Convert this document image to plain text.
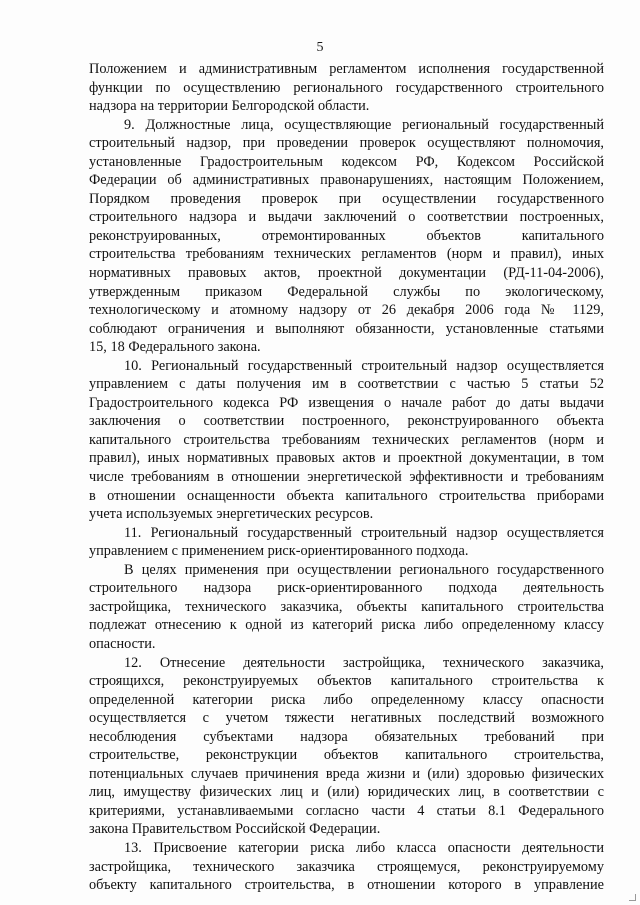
5
Положением и административным регламентом исполнения государственной
функции по осуществлению регионального государственного строительного
надзора на территории Белгородской области.
9. Должностные лица, осуществляющие региональный государственный
строительный надзор, при проведении проверок осуществляют полномочия,
установленные Градостроительным кодексом РФ, Кодексом Российской
Федерации об административных правонарушениях, настоящим Положением,
Порядком проведения проверок при осуществлении государственного
строительного надзора и выдачи заключений о соответствии построенных,
реконструированных, отремонтированных объектов капитального
строительства требованиям технических регламентов (норм и правил), иных
нормативных правовых актов, проектной документации (РД-11-04-2006),
утвержденным приказом Федеральной службы по экологическому,
технологическому и атомному надзору от 26 декабря 2006 года № 1129,
соблюдают ограничения и выполняют обязанности, установленные статьями
15, 18 Федерального закона.
10. Региональный государственный строительный надзор осуществляется
управлением с даты получения им в соответствии с частью 5 статьи 52
Градостроительного кодекса РФ извещения о начале работ до даты выдачи
заключения о соответствии построенного, реконструированного объекта
капитального строительства требованиям технических регламентов (норм и
правил), иных нормативных правовых актов и проектной документации, в том
числе требованиям в отношении энергетической эффективности и требованиям
в отношении оснащенности объекта капитального строительства приборами
учета используемых энергетических ресурсов.
11. Региональный государственный строительный надзор осуществляется
управлением с применением риск-ориентированного подхода.
В целях применения при осуществлении регионального государственного
строительного надзора риск-ориентированного подхода деятельность
застройщика, технического заказчика, объекты капитального строительства
подлежат отнесению к одной из категорий риска либо определенному классу
опасности.
12. Отнесение деятельности застройщика, технического заказчика,
строящихся, реконструируемых объектов капитального строительства к
определенной категории риска либо определенному классу опасности
осуществляется с учетом тяжести негативных последствий возможного
несоблюдения субъектами надзора обязательных требований при
строительстве, реконструкции объектов капитального строительства,
потенциальных случаев причинения вреда жизни и (или) здоровью физических
лиц, имуществу физических лиц и (или) юридических лиц, в соответствии с
критериями, устанавливаемыми согласно части 4 статьи 8.1 Федерального
закона Правительством Российской Федерации.
13. Присвоение категории риска либо класса опасности деятельности
застройщика, технического заказчика строящемуся, реконструируемому
объекту капитального строительства, в отношении которого в управление
